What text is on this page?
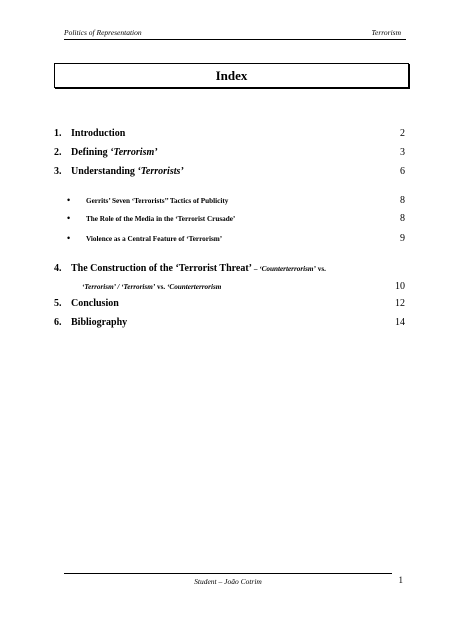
Politics of Representation	Terrorism
Index
1. Introduction	2
2. Defining ‘Terrorism’	3
3. Understanding ‘Terrorists’	6
• Gerrits’ Seven ‘Terrorists’’ Tactics of Publicity	8
• The Role of the Media in the ‘Terrorist Crusade’	8
• Violence as a Central Feature of ‘Terrorism’	9
4. The Construction of the ‘Terrorist Threat’ – ‘Counterterrorism’ vs.
‘Terrorism’ / ‘Terrorism’ vs. ‘Counterterrorism	10
5. Conclusion	12
6. Bibliography	14
Student – João Cotrim	1
